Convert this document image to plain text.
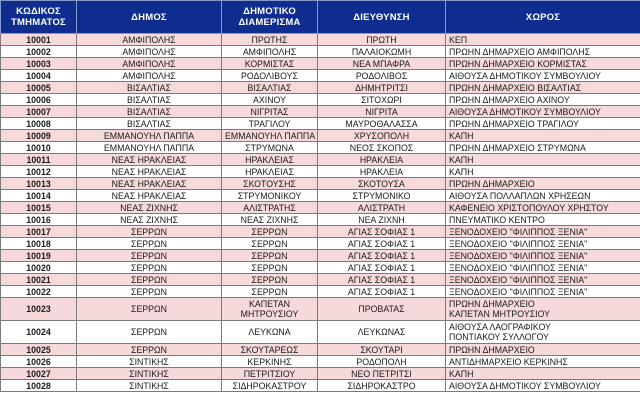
ΚΩΔΙΚΟΣ ΤΜΗΜΑΤΟΣ	ΔΗΜΟΣ	ΔΗΜΟΤΙΚΟ ΔΙΑΜΕΡΙΣΜΑ	ΔΙΕΥΘΥΝΣΗ	ΧΩΡΟΣ
10001	ΑΜΦΙΠΟΛΗΣ	ΠΡΩΤΗΣ	ΠΡΩΤΗ	ΚΕΠ
10002	ΑΜΦΙΠΟΛΗΣ	ΑΜΦΙΠΟΛΗΣ	ΠΑΛΑΙΟΚΩΜΗ	ΠΡΩΗΝ ΔΗΜΑΡΧΕΙΟ ΑΜΦΙΠΟΛΗΣ
10003	ΑΜΦΙΠΟΛΗΣ	ΚΟΡΜΙΣΤΑΣ	ΝΕΑ ΜΠΑΦΡΑ	ΠΡΩΗΝ ΔΗΜΑΡΧΕΙΟ ΚΟΡΜΙΣΤΑΣ
10004	ΑΜΦΙΠΟΛΗΣ	ΡΟΔΟΛΙΒΟΥΣ	ΡΟΔΟΛΙΒΟΣ	ΑΙΘΟΥΣΑ ΔΗΜΟΤΙΚΟΥ ΣΥΜΒΟΥΛΙΟΥ
10005	ΒΙΣΑΛΤΙΑΣ	ΒΙΣΑΛΤΙΑΣ	ΔΗΜΗΤΡΙΤΣΙ	ΠΡΩΗΝ ΔΗΜΑΡΧΕΙΟ ΒΙΣΑΛΤΙΑΣ
10006	ΒΙΣΑΛΤΙΑΣ	ΑΧΙΝΟΥ	ΣΙΤΟΧΩΡΙ	ΠΡΩΗΝ ΔΗΜΑΡΧΕΙΟ ΑΧΙΝΟΥ
10007	ΒΙΣΑΛΤΙΑΣ	ΝΙΓΡΙΤΑΣ	ΝΙΓΡΙΤΑ	ΑΙΘΟΥΣΑ ΔΗΜΟΤΙΚΟΥ ΣΥΜΒΟΥΛΙΟΥ
10008	ΒΙΣΑΛΤΙΑΣ	ΤΡΑΓΙΛΟΥ	ΜΑΥΡΟΘΑΛΑΣΣΑ	ΠΡΩΗΝ ΔΗΜΑΡΧΕΙΟ ΤΡΑΓΙΛΟΥ
10009	ΕΜΜΑΝΟΥΗΛ ΠΑΠΠΑ	ΕΜΜΑΝΟΥΗΛ ΠΑΠΠΑ	ΧΡΥΣΟΠΟΛΗ	ΚΑΠΗ
10010	ΕΜΜΑΝΟΥΗΛ ΠΑΠΠΑ	ΣΤΡΥΜΩΝΑ	ΝΕΟΣ ΣΚΟΠΟΣ	ΠΡΩΗΝ ΔΗΜΑΡΧΕΙΟ ΣΤΡΥΜΩΝΑ
10011	ΝΕΑΣ ΗΡΑΚΛΕΙΑΣ	ΗΡΑΚΛΕΙΑΣ	ΗΡΑΚΛΕΙΑ	ΚΑΠΗ
10012	ΝΕΑΣ ΗΡΑΚΛΕΙΑΣ	ΗΡΑΚΛΕΙΑΣ	ΗΡΑΚΛΕΙΑ	ΚΑΠΗ
10013	ΝΕΑΣ ΗΡΑΚΛΕΙΑΣ	ΣΚΟΤΟΥΣΗΣ	ΣΚΟΤΟΥΣΑ	ΠΡΩΗΝ ΔΗΜΑΡΧΕΙΟ
10014	ΝΕΑΣ ΗΡΑΚΛΕΙΑΣ	ΣΤΡΥΜΟΝΙΚΟΥ	ΣΤΡΥΜΟΝΙΚΟ	ΑΙΘΟΥΣΑ ΠΟΛΛΑΠΛΩΝ ΧΡΗΣΕΩΝ
10015	ΝΕΑΣ ΖΙΧΝΗΣ	ΑΛΙΣΤΡΑΤΗΣ	ΑΛΙΣΤΡΑΤΗ	ΚΑΦΕΝΕΙΟ ΧΡΙΣΤΟΠΟΥΛΟΥ ΧΡΗΣΤΟΥ
10016	ΝΕΑΣ ΖΙΧΝΗΣ	ΝΕΑΣ ΖΙΧΝΗΣ	ΝΕΑ ΖΙΧΝΗ	ΠΝΕΥΜΑΤΙΚΟ ΚΕΝΤΡΟ
10017	ΣΕΡΡΩΝ	ΣΕΡΡΩΝ	ΑΓΙΑΣ ΣΟΦΙΑΣ 1	ΞΕΝΟΔΟΧΕΙΟ "ΦΙΛΙΠΠΟΣ ΞΕΝΙΑ"
10018	ΣΕΡΡΩΝ	ΣΕΡΡΩΝ	ΑΓΙΑΣ ΣΟΦΙΑΣ 1	ΞΕΝΟΔΟΧΕΙΟ "ΦΙΛΙΠΠΟΣ ΞΕΝΙΑ"
10019	ΣΕΡΡΩΝ	ΣΕΡΡΩΝ	ΑΓΙΑΣ ΣΟΦΙΑΣ 1	ΞΕΝΟΔΟΧΕΙΟ "ΦΙΛΙΠΠΟΣ ΞΕΝΙΑ"
10020	ΣΕΡΡΩΝ	ΣΕΡΡΩΝ	ΑΓΙΑΣ ΣΟΦΙΑΣ 1	ΞΕΝΟΔΟΧΕΙΟ "ΦΙΛΙΠΠΟΣ ΞΕΝΙΑ"
10021	ΣΕΡΡΩΝ	ΣΕΡΡΩΝ	ΑΓΙΑΣ ΣΟΦΙΑΣ 1	ΞΕΝΟΔΟΧΕΙΟ "ΦΙΛΙΠΠΟΣ ΞΕΝΙΑ"
10022	ΣΕΡΡΩΝ	ΣΕΡΡΩΝ	ΑΓΙΑΣ ΣΟΦΙΑΣ 1	ΞΕΝΟΔΟΧΕΙΟ "ΦΙΛΙΠΠΟΣ ΞΕΝΙΑ"
10023	ΣΕΡΡΩΝ	ΚΑΠΕΤΑΝ ΜΗΤΡΟΥΣΙΟΥ	ΠΡΟΒΑΤΑΣ	ΠΡΩΗΝ ΔΗΜΑΡΧΕΙΟ
ΚΑΠΕΤΑΝ ΜΗΤΡΟΥΣΙΟΥ

10024	ΣΕΡΡΩΝ	ΛΕΥΚΩΝΑ	ΛΕΥΚΩΝΑΣ	ΑΙΘΟΥΣΑ ΛΑΟΓΡΑΦΙΚΟΥ
ΠΟΝΤΙΑΚΟΥ ΣΥΛΛΟΓΟΥ

10025	ΣΕΡΡΩΝ	ΣΚΟΥΤΑΡΕΩΣ	ΣΚΟΥΤΑΡΙ	ΠΡΩΗΝ ΔΗΜΑΡΧΕΙΟ
10026	ΣΙΝΤΙΚΗΣ	ΚΕΡΚΙΝΗΣ	ΡΟΔΟΠΟΛΗ	ΑΝΤΙΔΗΜΑΡΧΕΙΟ ΚΕΡΚΙΝΗΣ
10027	ΣΙΝΤΙΚΗΣ	ΠΕΤΡΙΤΣΙΟΥ	ΝΕΟ ΠΕΤΡΙΤΣΙ	ΚΑΠΗ
10028	ΣΙΝΤΙΚΗΣ	ΣΙΔΗΡΟΚΑΣΤΡΟΥ	ΣΙΔΗΡΟΚΑΣΤΡΟ	ΑΙΘΟΥΣΑ ΔΗΜΟΤΙΚΟΥ ΣΥΜΒΟΥΛΙΟΥ
